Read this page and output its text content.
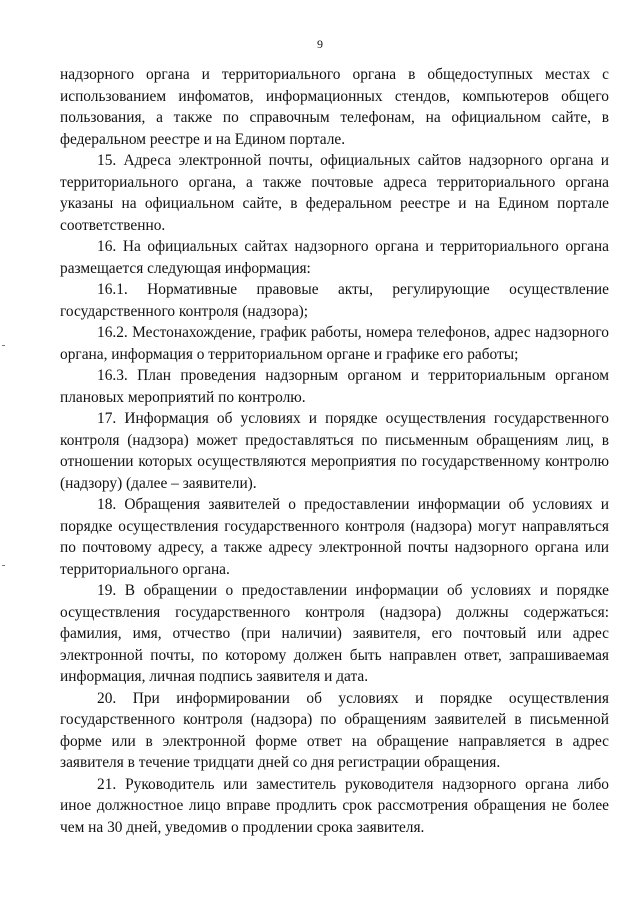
9

надзорного органа и территориального органа в общедоступных местах с использованием инфоматов, информационных стендов, компьютеров общего пользования, а также по справочным телефонам, на официальном сайте, в федеральном реестре и на Едином портале.

15. Адреса электронной почты, официальных сайтов надзорного органа и территориального органа, а также почтовые адреса территориального органа указаны на официальном сайте, в федеральном реестре и на Едином портале соответственно.

16. На официальных сайтах надзорного органа и территориального органа размещается следующая информация:

16.1. Нормативные правовые акты, регулирующие осуществление государственного контроля (надзора);

16.2. Местонахождение, график работы, номера телефонов, адрес надзорного органа, информация о территориальном органе и графике его работы;

16.3. План проведения надзорным органом и территориальным органом плановых мероприятий по контролю.

17. Информация об условиях и порядке осуществления государственного контроля (надзора) может предоставляться по письменным обращениям лиц, в отношении которых осуществляются мероприятия по государственному контролю (надзору) (далее – заявители).

18. Обращения заявителей о предоставлении информации об условиях и порядке осуществления государственного контроля (надзора) могут направляться по почтовому адресу, а также адресу электронной почты надзорного органа или территориального органа.

19. В обращении о предоставлении информации об условиях и порядке осуществления государственного контроля (надзора) должны содержаться: фамилия, имя, отчество (при наличии) заявителя, его почтовый или адрес электронной почты, по которому должен быть направлен ответ, запрашиваемая информация, личная подпись заявителя и дата.

20. При информировании об условиях и порядке осуществления государственного контроля (надзора) по обращениям заявителей в письменной форме или в электронной форме ответ на обращение направляется в адрес заявителя в течение тридцати дней со дня регистрации обращения.

21. Руководитель или заместитель руководителя надзорного органа либо иное должностное лицо вправе продлить срок рассмотрения обращения не более чем на 30 дней, уведомив о продлении срока заявителя.
